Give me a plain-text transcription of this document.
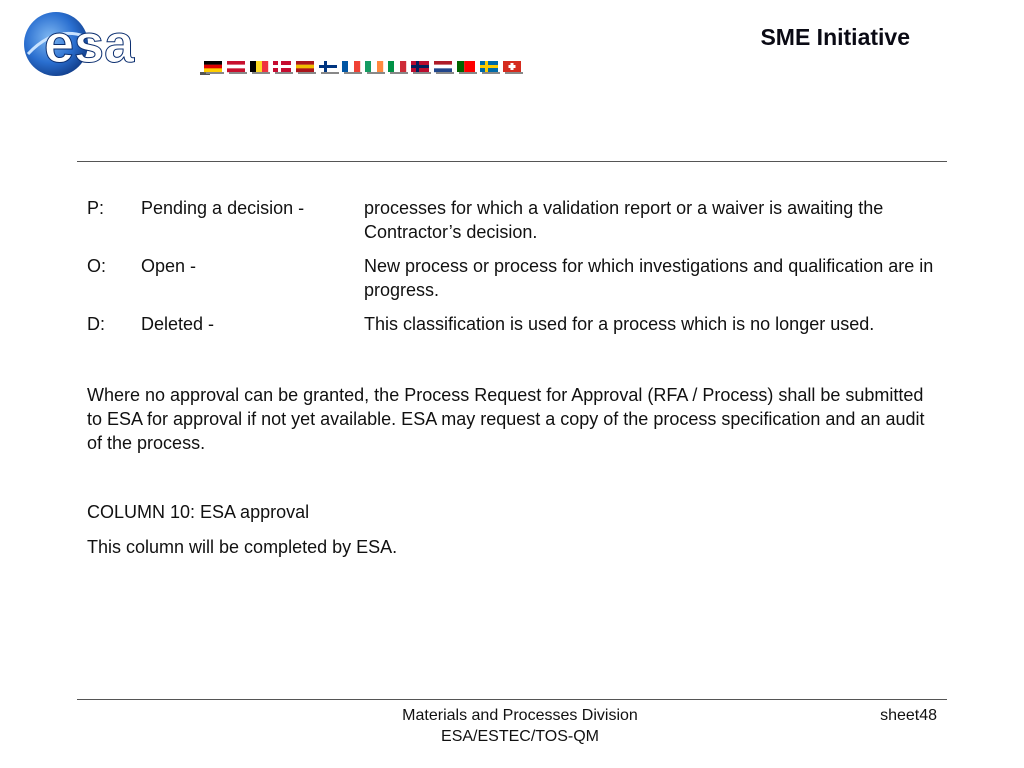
esa	SME Initiative
P:	Pending a decision -	processes for which a validation report or a waiver is awaiting the Contractor’s decision.
O:	Open -	New process or process for which investigations and qualification are in progress.
D:	Deleted -	This classification is used for a process which is no longer used.

Where no approval can be granted, the Process Request for Approval (RFA / Process) shall be submitted to ESA for approval if not yet available. ESA may request a copy of the process specification and an audit of the process.

COLUMN 10: ESA approval

This column will be completed by ESA.

Materials and Processes Division
ESA/ESTEC/TOS-QM
sheet48
